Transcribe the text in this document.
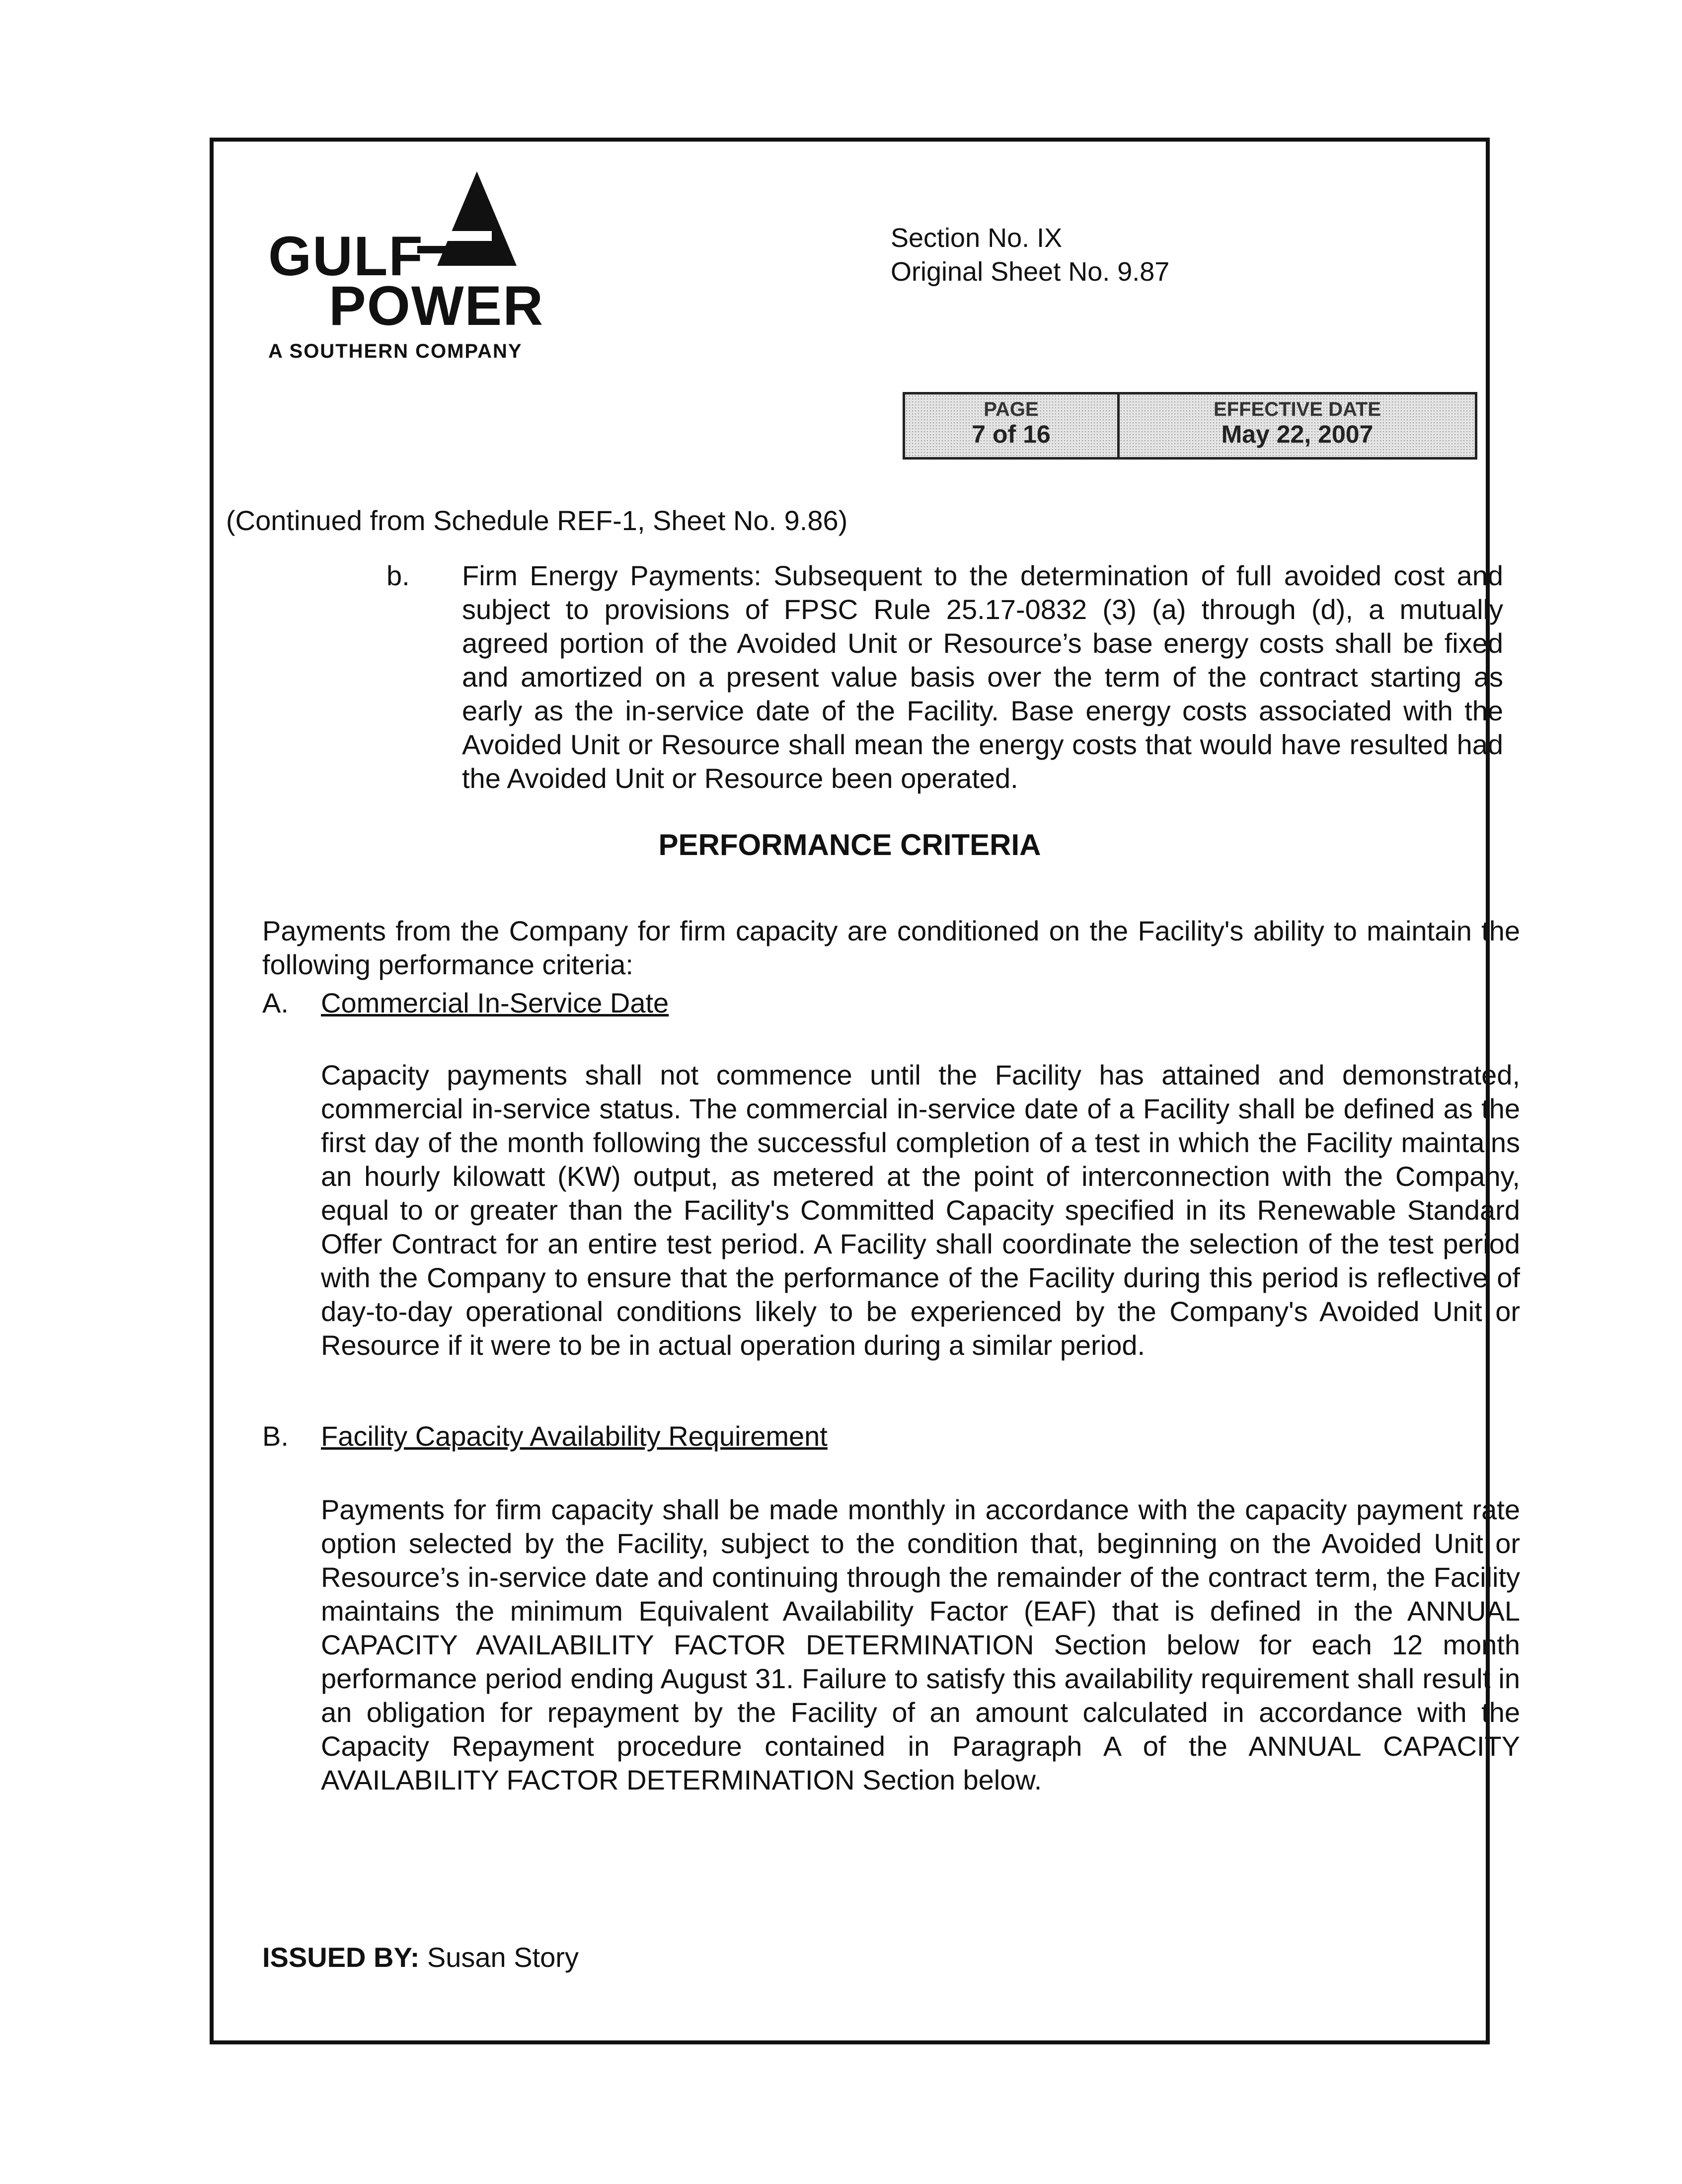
GULF
POWER
A SOUTHERN COMPANY
Section No. IX
Original Sheet No. 9.87
PAGE
7 of 16
EFFECTIVE DATE
May 22, 2007
(Continued from Schedule REF-1, Sheet No. 9.86)
b. Firm Energy Payments: Subsequent to the determination of full avoided cost and subject to provisions of FPSC Rule 25.17-0832 (3) (a) through (d), a mutually agreed portion of the Avoided Unit or Resource’s base energy costs shall be fixed and amortized on a present value basis over the term of the contract starting as early as the in-service date of the Facility. Base energy costs associated with the Avoided Unit or Resource shall mean the energy costs that would have resulted had the Avoided Unit or Resource been operated.

PERFORMANCE CRITERIA

Payments from the Company for firm capacity are conditioned on the Facility's ability to maintain the following performance criteria:

A. Commercial In-Service Date

Capacity payments shall not commence until the Facility has attained and demonstrated, commercial in-service status. The commercial in-service date of a Facility shall be defined as the first day of the month following the successful completion of a test in which the Facility maintains an hourly kilowatt (KW) output, as metered at the point of interconnection with the Company, equal to or greater than the Facility's Committed Capacity specified in its Renewable Standard Offer Contract for an entire test period. A Facility shall coordinate the selection of the test period with the Company to ensure that the performance of the Facility during this period is reflective of day-to-day operational conditions likely to be experienced by the Company's Avoided Unit or Resource if it were to be in actual operation during a similar period.

B. Facility Capacity Availability Requirement

Payments for firm capacity shall be made monthly in accordance with the capacity payment rate option selected by the Facility, subject to the condition that, beginning on the Avoided Unit or Resource’s in-service date and continuing through the remainder of the contract term, the Facility maintains the minimum Equivalent Availability Factor (EAF) that is defined in the ANNUAL CAPACITY AVAILABILITY FACTOR DETERMINATION Section below for each 12 month performance period ending August 31. Failure to satisfy this availability requirement shall result in an obligation for repayment by the Facility of an amount calculated in accordance with the Capacity Repayment procedure contained in Paragraph A of the ANNUAL CAPACITY AVAILABILITY FACTOR DETERMINATION Section below.

ISSUED BY: Susan Story
